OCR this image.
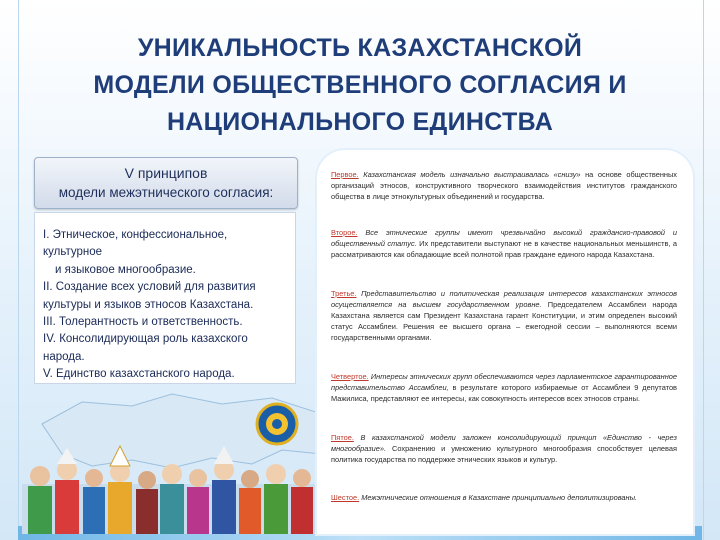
УНИКАЛЬНОСТЬ КАЗАХСТАНСКОЙ
МОДЕЛИ ОБЩЕСТВЕННОГО СОГЛАСИЯ И
НАЦИОНАЛЬНОГО ЕДИНСТВА
V принципов
модели межэтнического согласия:
I. Этническое, конфессиональное,
культурное
и языковое многообразие.
II. Создание всех условий для развития
культуры и языков этносов Казахстана.
III. Толерантность и ответственность.
IV. Консолидирующая роль казахского
народа.
V. Единство казахстанского народа.
Первое. Казахстанская модель изначально выстраивалась «снизу» на основе общественных организаций этносов, конструктивного творческого взаимодействия институтов гражданского общества в лице этнокультурных объединений и государства.
Второе. Все этнические группы имеют чрезвычайно высокий гражданско-правовой и общественный статус. Их представители выступают не в качестве национальных меньшинств, а рассматриваются как обладающие всей полнотой прав граждане единого народа Казахстана.
Третье. Представительство и политическая реализация интересов казахстанских этносов осуществляется на высшем государственном уровне. Председателем Ассамблеи народа Казахстана является сам Президент Казахстана гарант Конституции, и этим определен высокий статус Ассамблеи. Решения ее высшего органа – ежегодной сессии – выполняются всеми государственными органами.
Четвертое. Интересы этнических групп обеспечиваются через парламентское гарантированное представительство Ассамблеи, в результате которого избираемые от Ассамблеи 9 депутатов Мажилиса, представляют ее интересы, как совокупность интересов всех этносов страны.
Пятое. В казахстанской модели заложен консолидирующий принцип «Единство - через многообразие». Сохранению и умножению культурного многообразия способствует целевая политика государства по поддержке этнических языков и культур.
Шестое. Межэтнические отношения в Казахстане принципиально деполитизированы.
